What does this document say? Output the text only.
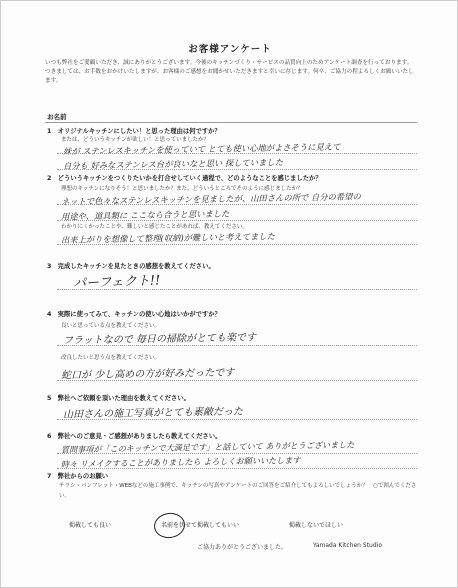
お客様アンケート
いつも弊社をご愛顧いただき、誠にありがとうございます。今後のキッチンづくり・サービスの品質向上のためアンケート調査を行っております。つきましては、お手数をおかけいたしますが、お客様のご感想をお聞かせいただきますと幸いに存じます。何卒、ご協力の程よろしくお願いいたします。
お名前
1　オリジナルキッチンにしたい！と思った理由は何ですか？
または、どういうキッチンが欲しい！と思っていましたか？
妹が ステンレスキッチンを使っていて とても使い心地がよさそうに見えて
自分も 好みなステンレス台が良いなと思い 探していました
2　どういうキッチンをつくりたいかを打合せしていく過程で、どのようなことを感じましたか？
理想のキッチンになりそう！と思いましたか？また、どういうところでそのように感じましたか？
ネットで色々なステンレスキッチンを見ましたが、山田さんの所で 自分の希望の
用途や、道具類に ここなら合うと思いました
わかりにくかったことや、難しいと感じたことがあれば、教えてください。
出来上がりを想像して整理(収納)が難しいと考えてました
3　完成したキッチンを見たときの感想を教えてください。
パーフェクト!!
4　実際に使ってみて、キッチンの使い心地はいかがですか？
良いと思っている点を教えてください。
フラットなので 毎日の掃除がとても楽です
改良したいと思う点を教えてください。
蛇口が 少し高めの方が好みだったです
5　弊社へご依頼を頂いた理由を教えてください。
山田さんの施工写真がとても素敵だった
6　弊社へのご意見・ご感想がありましたら教えてください。
質問事項が「このキッチンで大満足です」と話していて ありがとうございました
時々 リメイクすることがありましたら よろしくお願いいたします
7　弊社からのお願い
チラシ・パンフレット・WEBなどの施工事例で、キッチンの写真やアンケートのご回答をご紹介してもよろしいでしょうか？　○で囲んでください。
掲載しても良い	名前を伏せて掲載してもいい	掲載しないでほしい
ご協力ありがとうございました。	Yamada Kitchen Studio
